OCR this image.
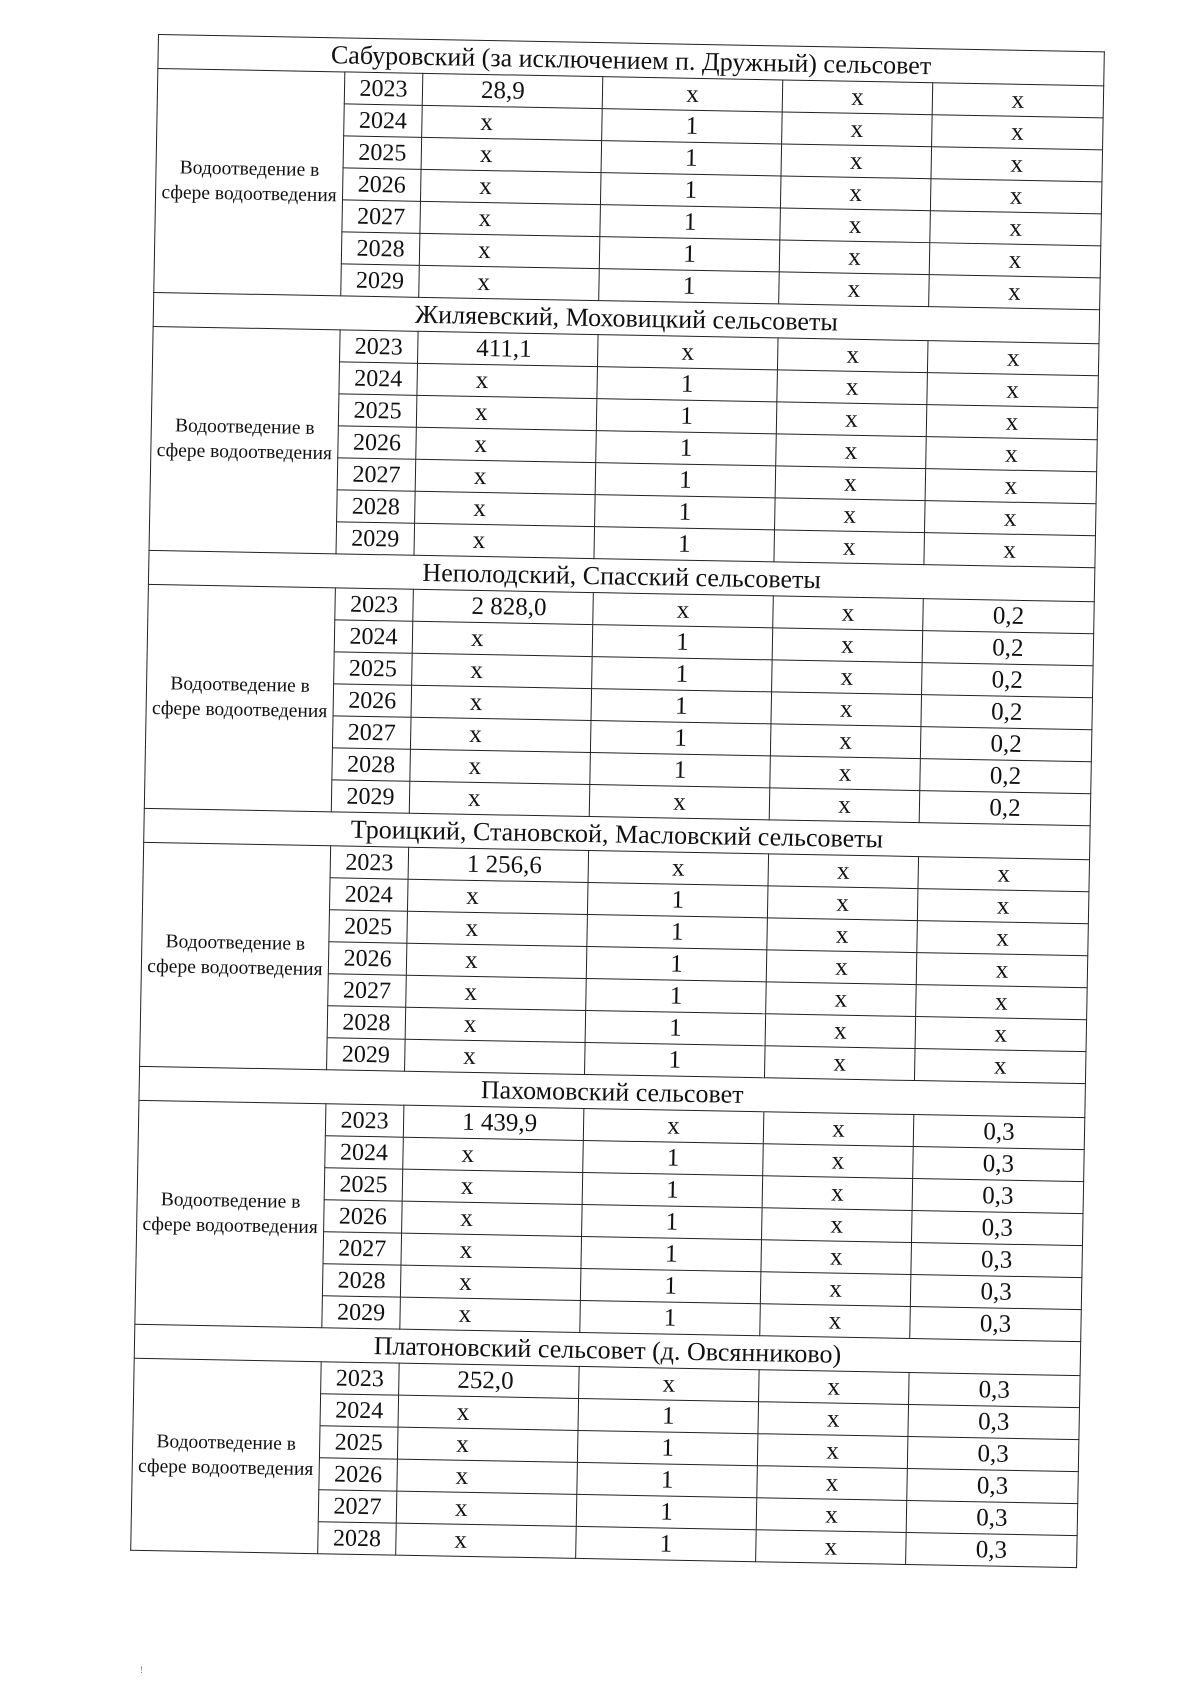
Сабуровский (за исключением п. Дружный) сельсовет					
Водоотведение в сфере водоотведения	2023	28,9	x	x	x
	2024	x	1	x	x
	2025	x	1	x	x
	2026	x	1	x	x
	2027	x	1	x	x
	2028	x	1	x	x
	2029	x	1	x	x
Жиляевский, Моховицкий сельсоветы					
Водоотведение в сфере водоотведения	2023	411,1	x	x	x
	2024	x	1	x	x
	2025	x	1	x	x
	2026	x	1	x	x
	2027	x	1	x	x
	2028	x	1	x	x
	2029	x	1	x	x
Неполодский, Спасский сельсоветы					
Водоотведение в сфере водоотведения	2023	2 828,0	x	x	0,2
	2024	x	1	x	0,2
	2025	x	1	x	0,2
	2026	x	1	x	0,2
	2027	x	1	x	0,2
	2028	x	1	x	0,2
	2029	x	x	x	0,2
Троицкий, Становской, Масловский сельсоветы					
Водоотведение в сфере водоотведения	2023	1 256,6	x	x	x
	2024	x	1	x	x
	2025	x	1	x	x
	2026	x	1	x	x
	2027	x	1	x	x
	2028	x	1	x	x
	2029	x	1	x	x
Пахомовский сельсовет					
Водоотведение в сфере водоотведения	2023	1 439,9	x	x	0,3
	2024	x	1	x	0,3
	2025	x	1	x	0,3
	2026	x	1	x	0,3
	2027	x	1	x	0,3
	2028	x	1	x	0,3
	2029	x	1	x	0,3
Платоновский сельсовет (д. Овсянниково)					
Водоотведение в сфере водоотведения	2023	252,0	x	x	0,3
	2024	x	1	x	0,3
	2025	x	1	x	0,3
	2026	x	1	x	0,3
	2027	x	1	x	0,3
	2028	x	1	x	0,3
!
